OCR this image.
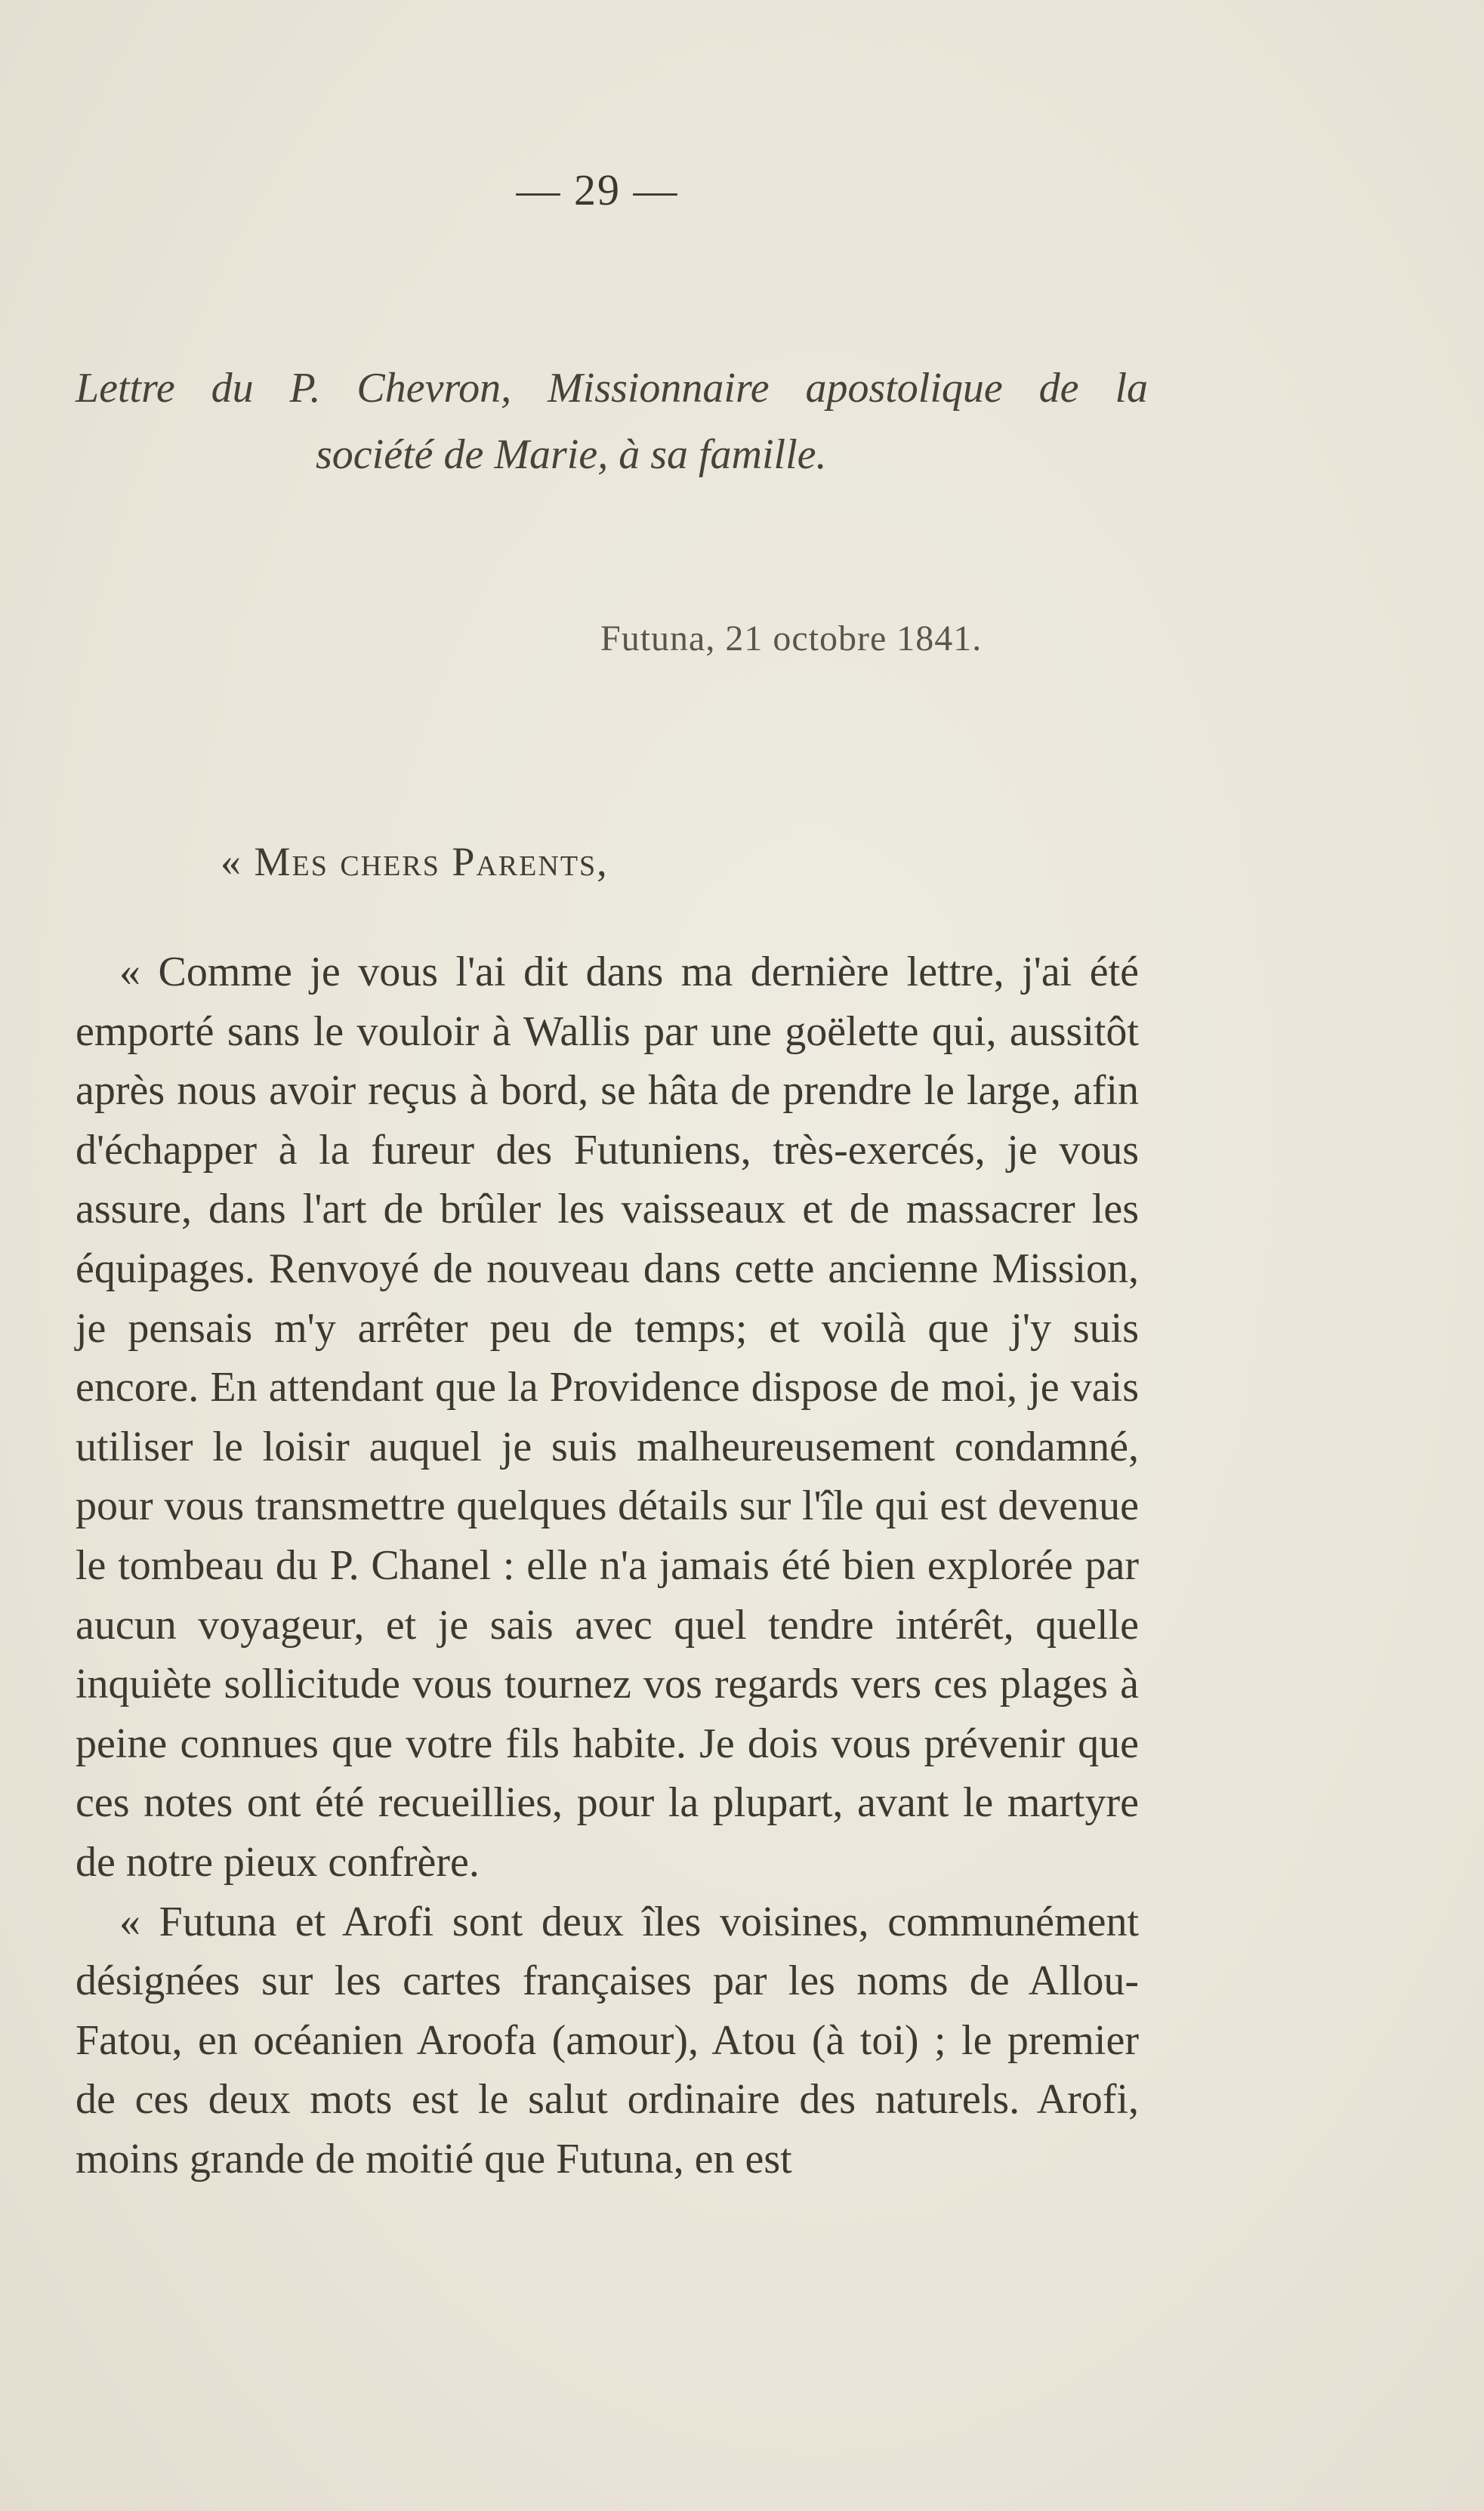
— 29 —
Lettre du P. Chevron, Missionnaire apostolique de la
société de Marie, à sa famille.
Futuna, 21 octobre 1841.
« Mes chers Parents,

« Comme je vous l'ai dit dans ma dernière lettre, j'ai été emporté sans le vouloir à Wallis par une goëlette qui, aussitôt après nous avoir reçus à bord, se hâta de prendre le large, afin d'échapper à la fureur des Futuniens, très-exercés, je vous assure, dans l'art de brûler les vaisseaux et de massacrer les équipages. Renvoyé de nouveau dans cette ancienne Mission, je pensais m'y arrêter peu de temps; et voilà que j'y suis encore. En attendant que la Providence dispose de moi, je vais utiliser le loisir auquel je suis malheureusement condamné, pour vous transmettre quelques détails sur l'île qui est devenue le tombeau du P. Chanel : elle n'a jamais été bien explorée par aucun voyageur, et je sais avec quel tendre intérêt, quelle inquiète sollicitude vous tournez vos regards vers ces plages à peine connues que votre fils habite. Je dois vous prévenir que ces notes ont été recueillies, pour la plupart, avant le martyre de notre pieux confrère.

« Futuna et Arofi sont deux îles voisines, communément désignées sur les cartes françaises par les noms de Allou-Fatou, en océanien Aroofa (amour), Atou (à toi) ; le premier de ces deux mots est le salut ordinaire des naturels. Arofi, moins grande de moitié que Futuna, en est
